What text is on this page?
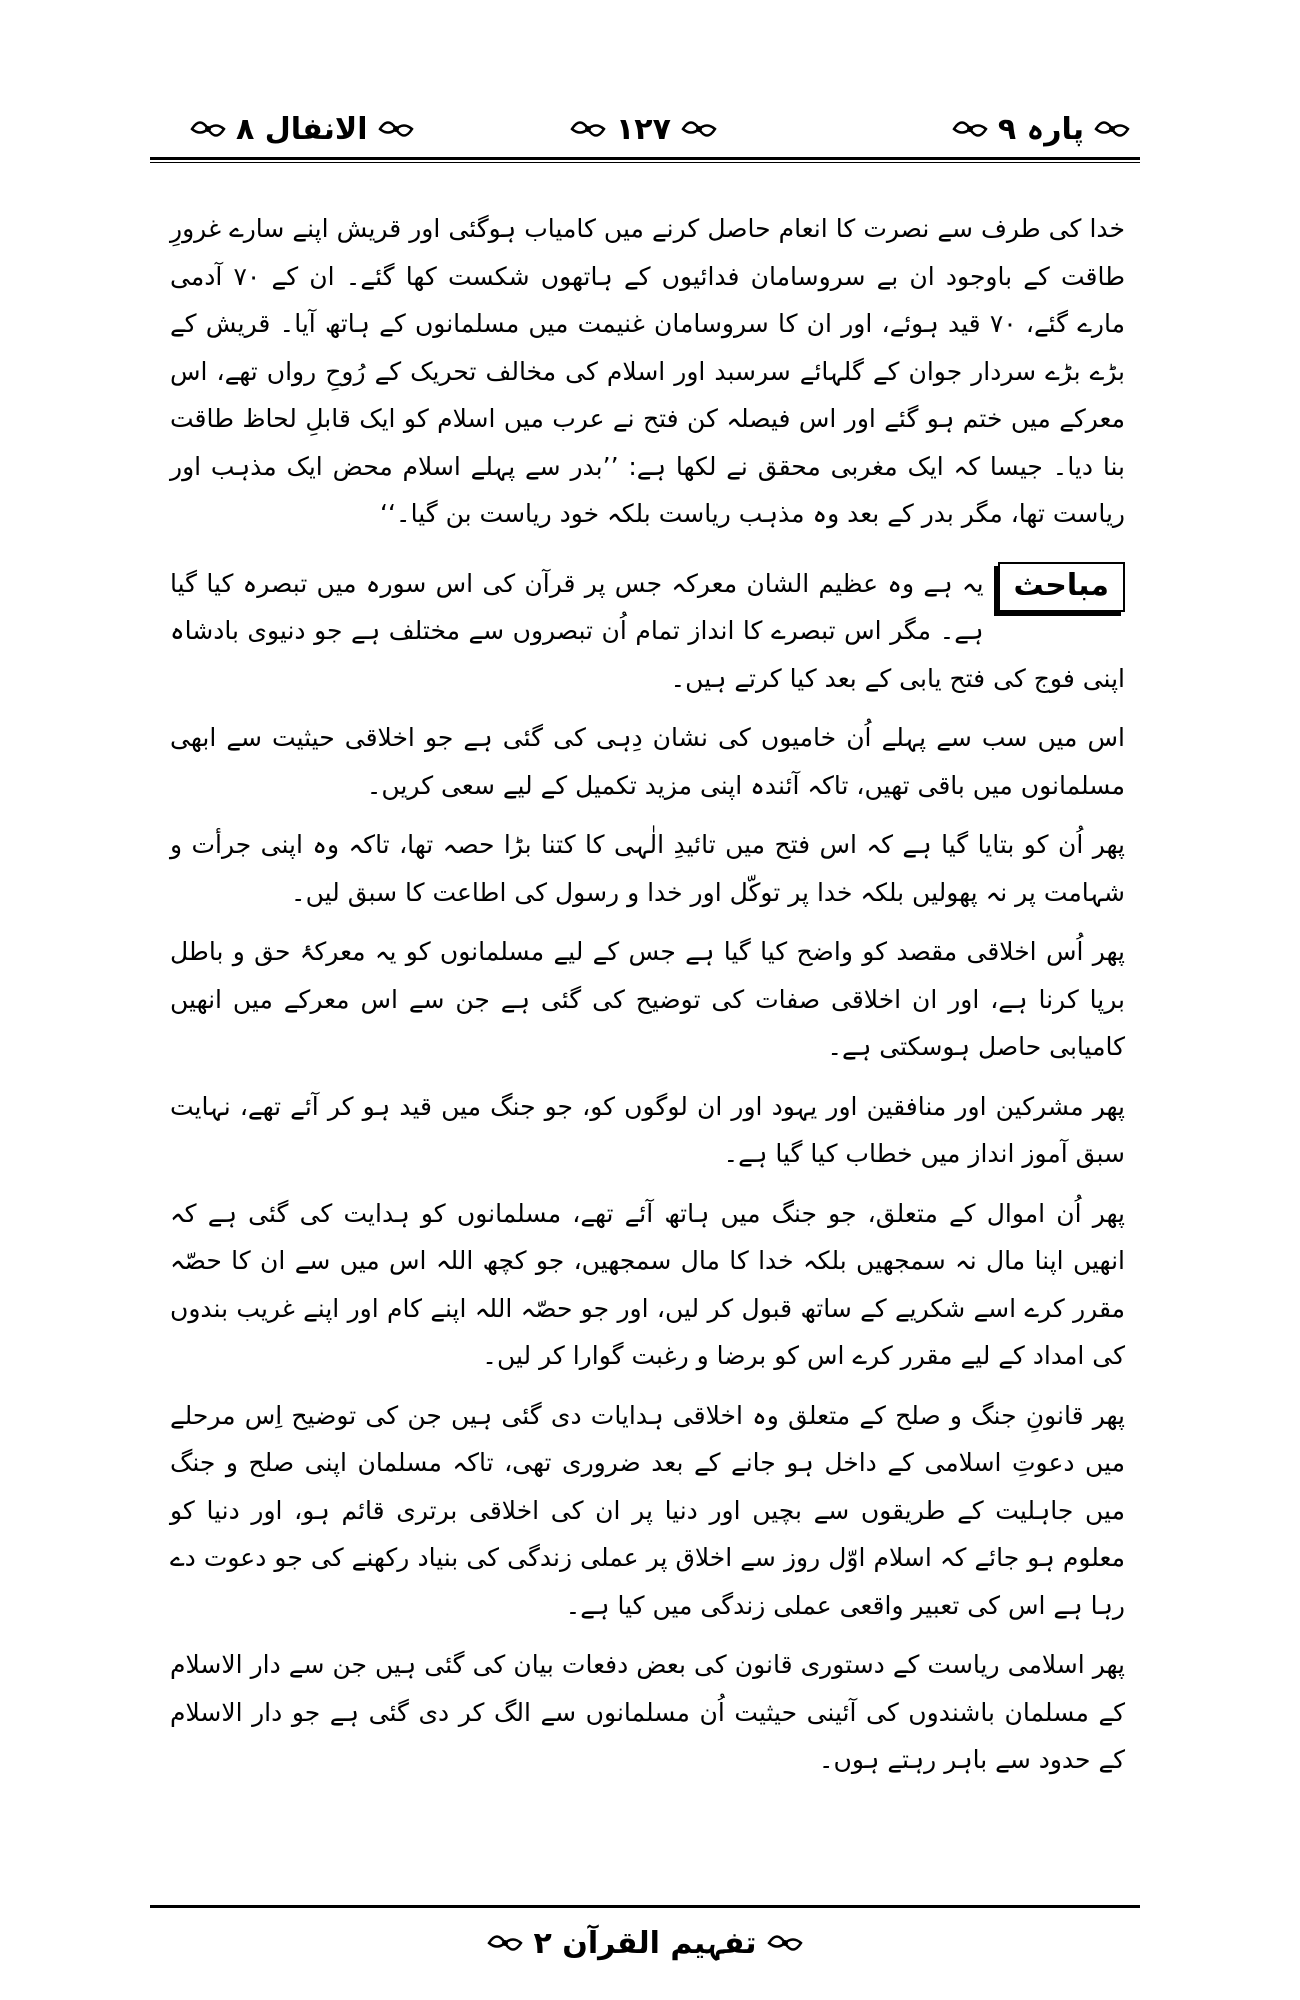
پارہ ۹
۱۲۷
الانفال ۸

خدا کی طرف سے نصرت کا انعام حاصل کرنے میں کامیاب ہوگئی اور قریش اپنے سارے غرورِ طاقت کے باوجود ان بے سروسامان فدائیوں کے ہاتھوں شکست کھا گئے۔ ان کے ۷۰ آدمی مارے گئے، ۷۰ قید ہوئے، اور ان کا سروسامان غنیمت میں مسلمانوں کے ہاتھ آیا۔ قریش کے بڑے بڑے سردار جوان کے گلہائے سرسبد اور اسلام کی مخالف تحریک کے رُوحِ رواں تھے، اس معرکے میں ختم ہو گئے اور اس فیصلہ کن فتح نے عرب میں اسلام کو ایک قابلِ لحاظ طاقت بنا دیا۔ جیسا کہ ایک مغربی محقق نے لکھا ہے: ’’بدر سے پہلے اسلام محض ایک مذہب اور ریاست تھا، مگر بدر کے بعد وہ مذہب ریاست بلکہ خود ریاست بن گیا۔‘‘

مباحث

یہ ہے وہ عظیم الشان معرکہ جس پر قرآن کی اس سورہ میں تبصرہ کیا گیا ہے۔ مگر اس تبصرے کا انداز تمام اُن تبصروں سے مختلف ہے جو دنیوی بادشاہ اپنی فوج کی فتح یابی کے بعد کیا کرتے ہیں۔

اس میں سب سے پہلے اُن خامیوں کی نشان دِہی کی گئی ہے جو اخلاقی حیثیت سے ابھی مسلمانوں میں باقی تھیں، تاکہ آئندہ اپنی مزید تکمیل کے لیے سعی کریں۔

پھر اُن کو بتایا گیا ہے کہ اس فتح میں تائیدِ الٰہی کا کتنا بڑا حصہ تھا، تاکہ وہ اپنی جرأت و شہامت پر نہ پھولیں بلکہ خدا پر توکّل اور خدا و رسول کی اطاعت کا سبق لیں۔

پھر اُس اخلاقی مقصد کو واضح کیا گیا ہے جس کے لیے مسلمانوں کو یہ معرکۂ حق و باطل برپا کرنا ہے، اور ان اخلاقی صفات کی توضیح کی گئی ہے جن سے اس معرکے میں انھیں کامیابی حاصل ہوسکتی ہے۔

پھر مشرکین اور منافقین اور یہود اور ان لوگوں کو، جو جنگ میں قید ہو کر آئے تھے، نہایت سبق آموز انداز میں خطاب کیا گیا ہے۔

پھر اُن اموال کے متعلق، جو جنگ میں ہاتھ آئے تھے، مسلمانوں کو ہدایت کی گئی ہے کہ انھیں اپنا مال نہ سمجھیں بلکہ خدا کا مال سمجھیں، جو کچھ اللہ اس میں سے ان کا حصّہ مقرر کرے اسے شکریے کے ساتھ قبول کر لیں، اور جو حصّہ اللہ اپنے کام اور اپنے غریب بندوں کی امداد کے لیے مقرر کرے اس کو برضا و رغبت گوارا کر لیں۔

پھر قانونِ جنگ و صلح کے متعلق وہ اخلاقی ہدایات دی گئی ہیں جن کی توضیح اِس مرحلے میں دعوتِ اسلامی کے داخل ہو جانے کے بعد ضروری تھی، تاکہ مسلمان اپنی صلح و جنگ میں جاہلیت کے طریقوں سے بچیں اور دنیا پر ان کی اخلاقی برتری قائم ہو، اور دنیا کو معلوم ہو جائے کہ اسلام اوّل روز سے اخلاق پر عملی زندگی کی بنیاد رکھنے کی جو دعوت دے رہا ہے اس کی تعبیر واقعی عملی زندگی میں کیا ہے۔

پھر اسلامی ریاست کے دستوری قانون کی بعض دفعات بیان کی گئی ہیں جن سے دار الاسلام کے مسلمان باشندوں کی آئینی حیثیت اُن مسلمانوں سے الگ کر دی گئی ہے جو دار الاسلام کے حدود سے باہر رہتے ہوں۔

تفہیم القرآن ۲
